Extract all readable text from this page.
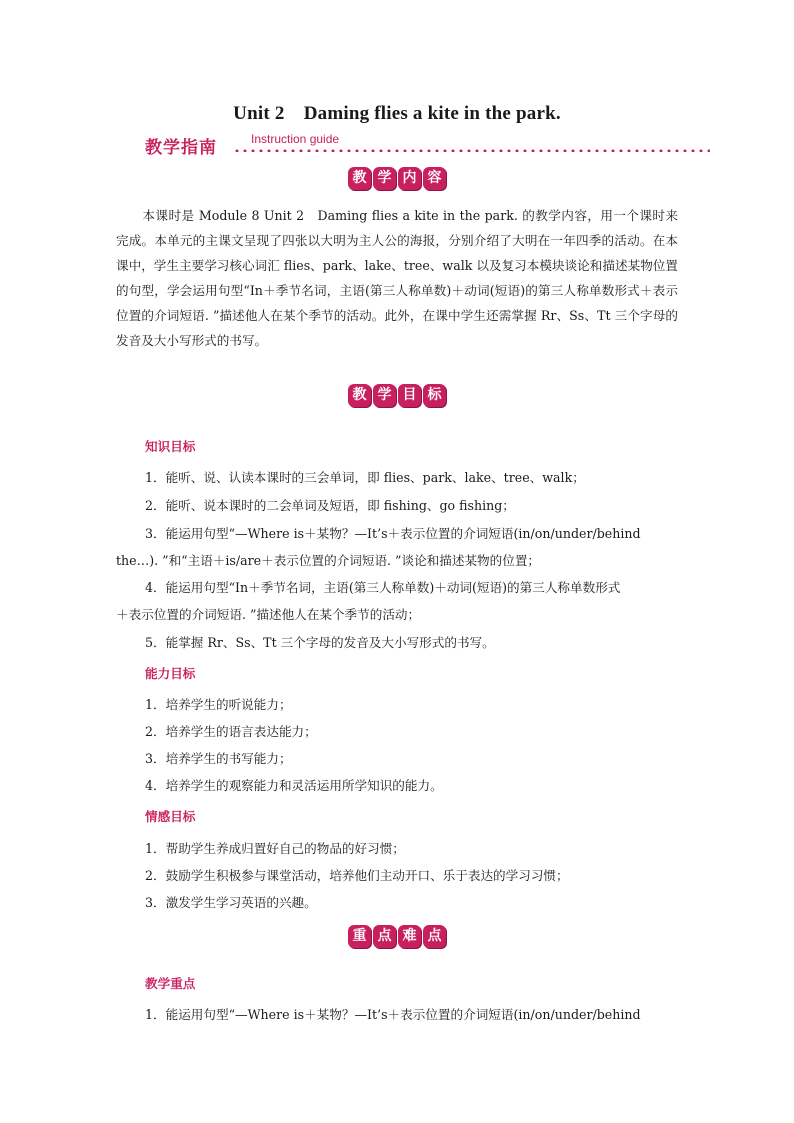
Unit 2　Daming flies a kite in the park.
教学指南	Instruction guide
教 学 内 容
本课时是 Module 8 Unit 2　Daming flies a kite in the park. 的教学内容，用一个课时来完成。本单元的主课文呈现了四张以大明为主人公的海报，分别介绍了大明在一年四季的活动。在本课中，学生主要学习核心词汇 flies、park、lake、tree、walk 以及复习本模块谈论和描述某物位置的句型，学会运用句型“In＋季节名词，主语(第三人称单数)＋动词(短语)的第三人称单数形式＋表示位置的介词短语. ”描述他人在某个季节的活动。此外，在课中学生还需掌握 Rr、Ss、Tt 三个字母的发音及大小写形式的书写。
教 学 目 标
知识目标
1．能听、说、认读本课时的三会单词，即 flies、park、lake、tree、walk；
2．能听、说本课时的二会单词及短语，即 fishing、go fishing；
3．能运用句型“—Where is＋某物？—It’s＋表示位置的介词短语(in/on/under/behind
the…). ”和“主语＋is/are＋表示位置的介词短语. ”谈论和描述某物的位置；
4．能运用句型“In＋季节名词，主语(第三人称单数)＋动词(短语)的第三人称单数形式
＋表示位置的介词短语. ”描述他人在某个季节的活动；
5．能掌握 Rr、Ss、Tt 三个字母的发音及大小写形式的书写。
能力目标
1．培养学生的听说能力；
2．培养学生的语言表达能力；
3．培养学生的书写能力；
4．培养学生的观察能力和灵活运用所学知识的能力。
情感目标
1．帮助学生养成归置好自己的物品的好习惯；
2．鼓励学生积极参与课堂活动，培养他们主动开口、乐于表达的学习习惯；
3．激发学生学习英语的兴趣。
重 点 难 点
教学重点
1．能运用句型“—Where is＋某物？—It’s＋表示位置的介词短语(in/on/under/behind
